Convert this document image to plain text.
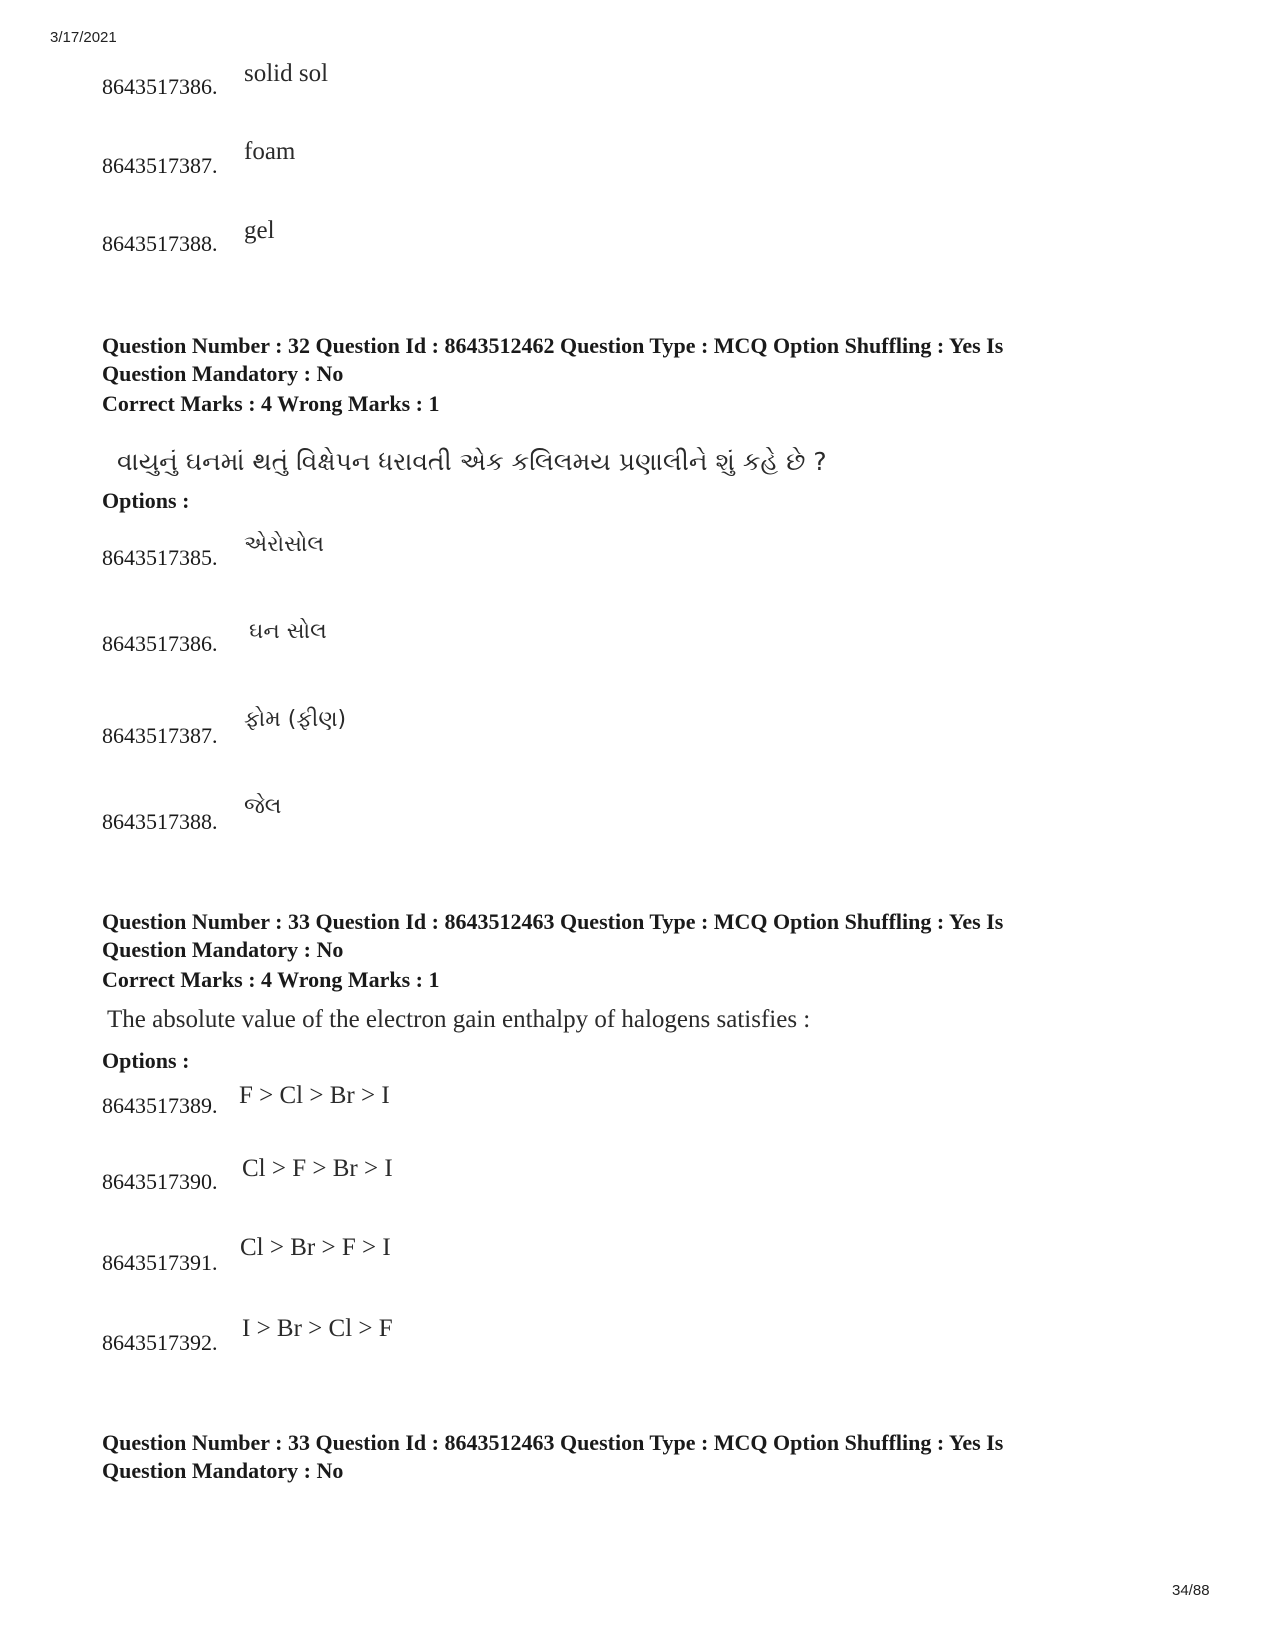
3/17/2021
8643517386. solid sol
8643517387.
foam
8643517388. gel
Question Number : 32 Question Id : 8643512462 Question Type : MCQ Option Shuffling : Yes Is
Question Mandatory : No
Correct Marks : 4 Wrong Marks : 1
વાયુનું ઘનમાં થતું વિક્ષેપન ધરાવતી એક કલિલમય પ્રણાલીને શું કહે છે ?
Options :
8643517385.
એરોસોલ
8643517386. ઘન સોલ
8643517387.
ફોમ (ફીણ)
8643517388.
જેલ
Question Number : 33 Question Id : 8643512463 Question Type : MCQ Option Shuffling : Yes Is
Question Mandatory : No
Correct Marks : 4 Wrong Marks : 1
The absolute value of the electron gain enthalpy of halogens satisfies :
Options :
8643517389. F > Cl > Br > I
8643517390. Cl > F > Br > I
8643517391.
Cl > Br > F > I
8643517392.
I > Br > Cl > F
Question Number : 33 Question Id : 8643512463 Question Type : MCQ Option Shuffling : Yes Is
Question Mandatory : No
34/88
